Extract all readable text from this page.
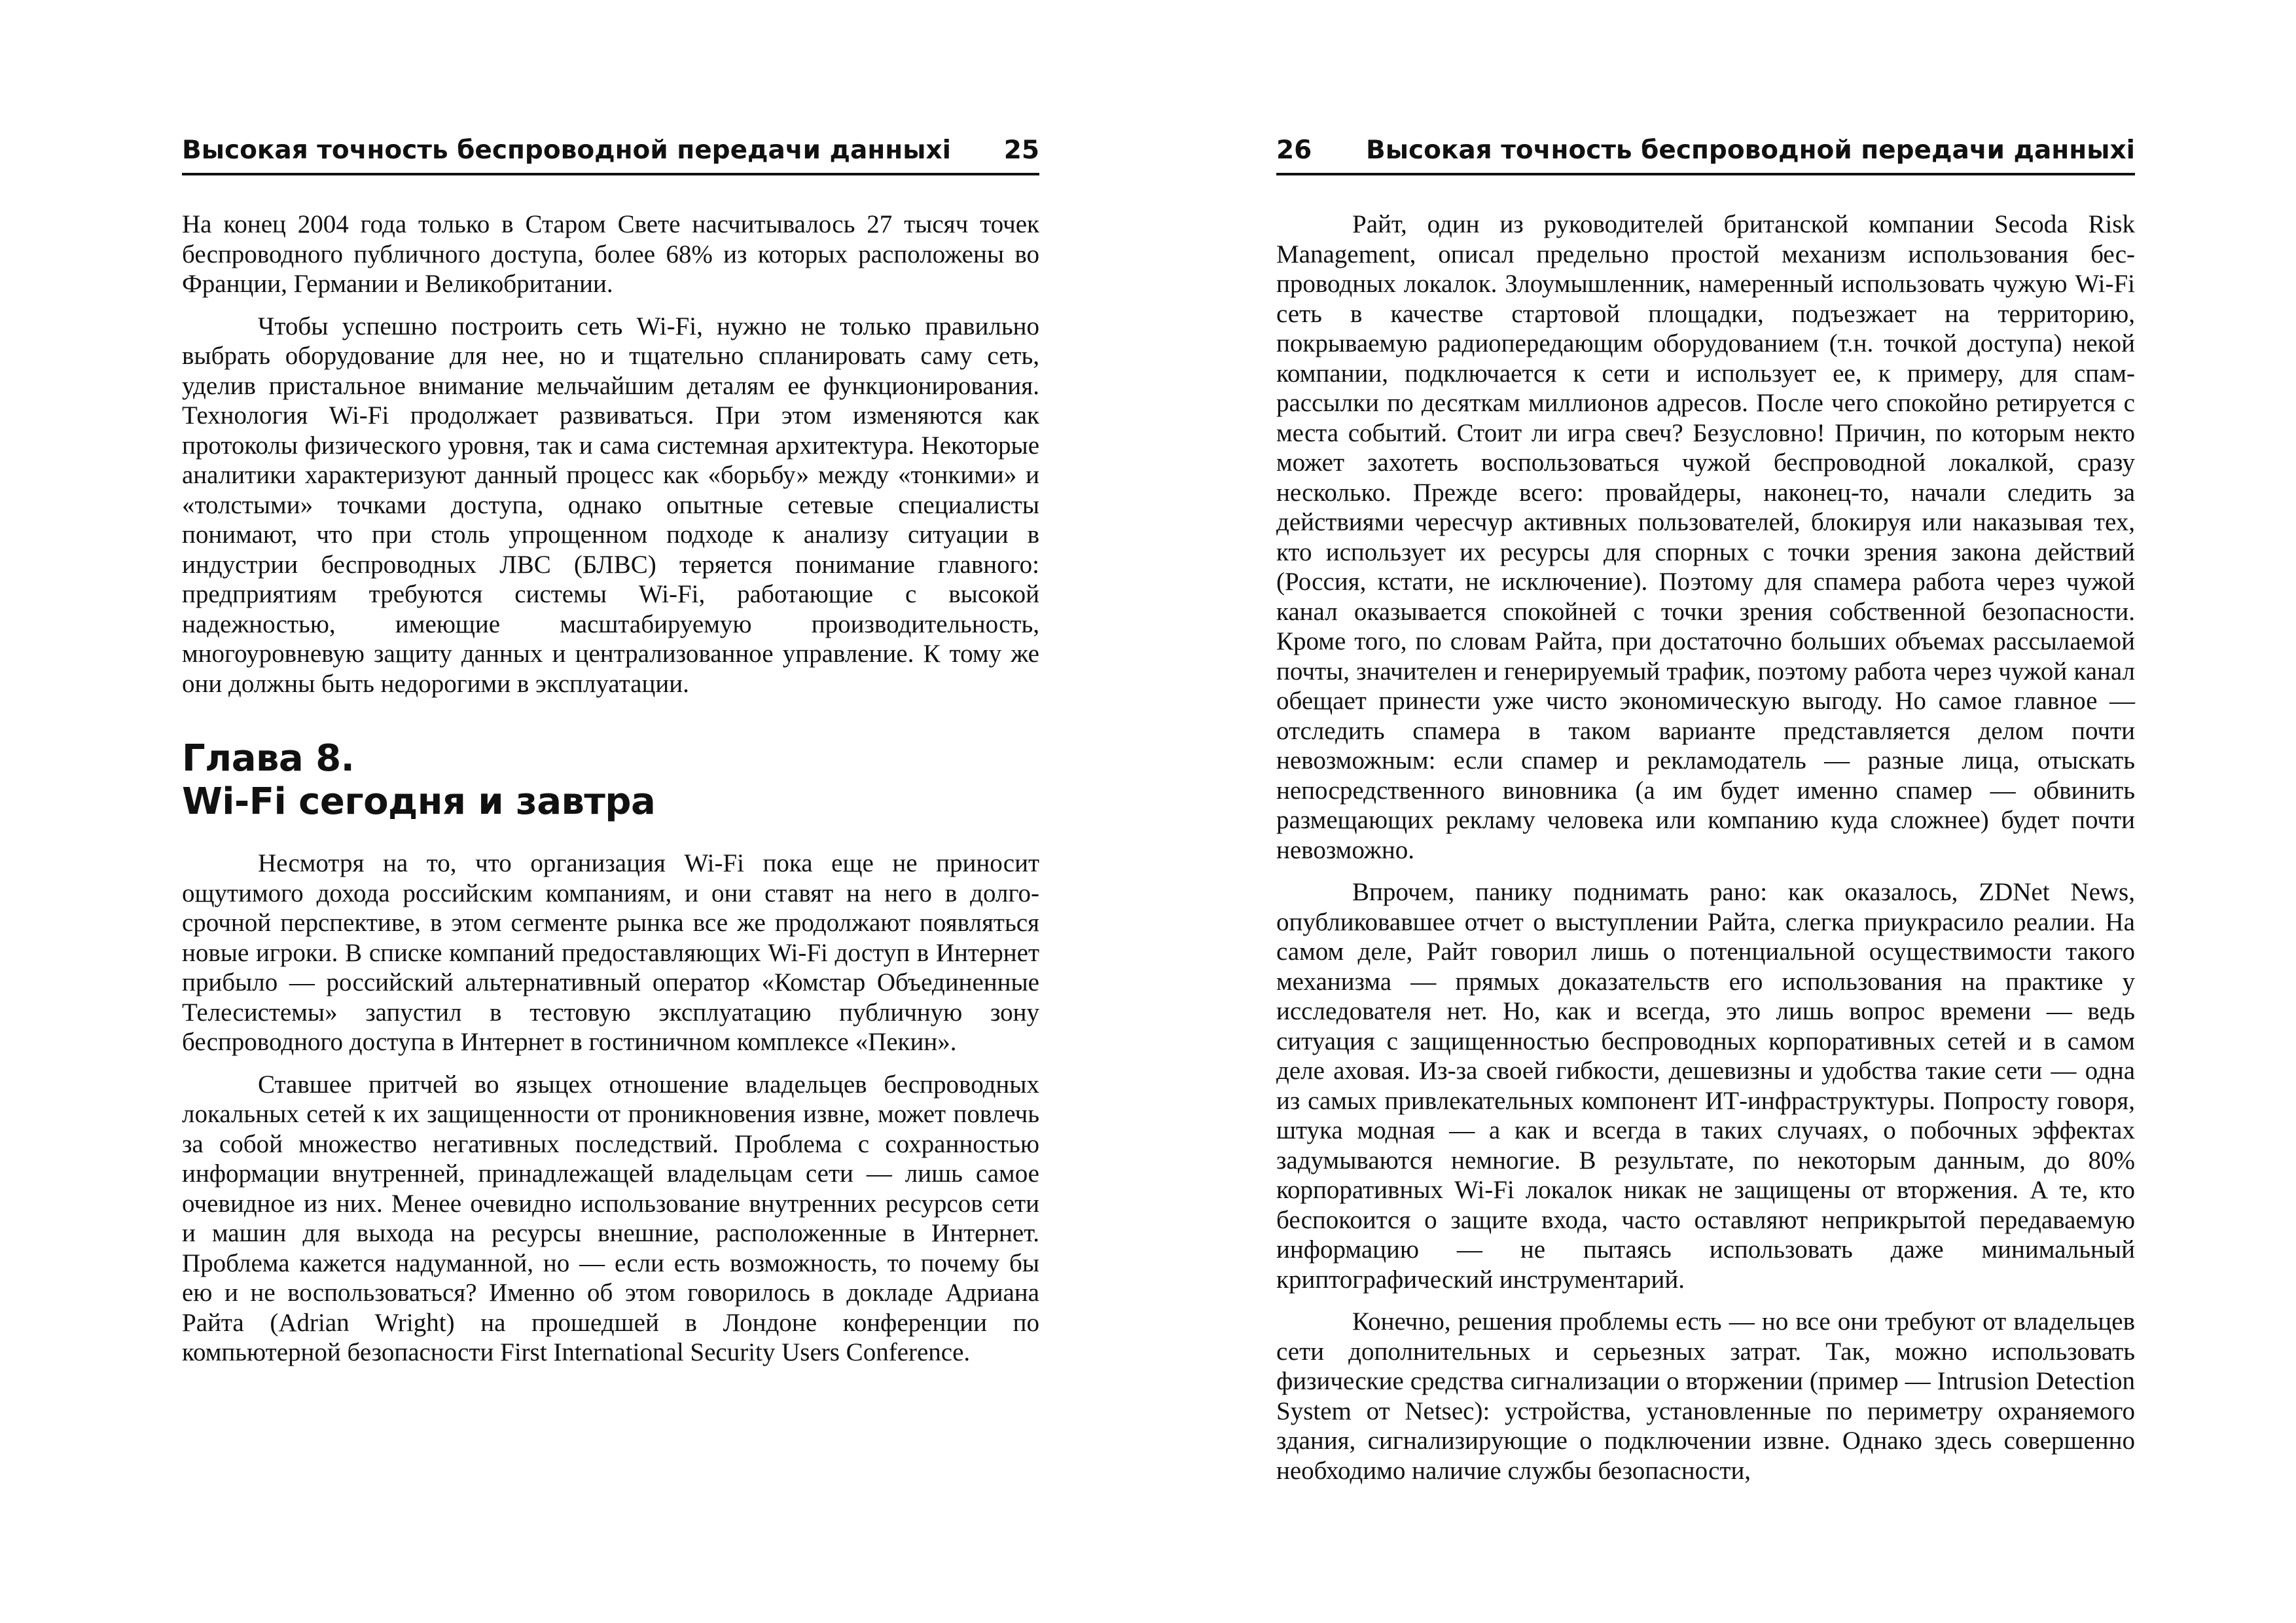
Высокая точность беспроводной передачи данныхi 25

На конец 2004 года только в Старом Свете насчитывалось 27 тысяч точек беспроводного публичного доступа, более 68% из которых расположены во Франции, Германии и Великобритании.

Чтобы успешно построить сеть Wi-Fi, нужно не только правильно выбрать оборудование для нее, но и тщательно спланировать саму сеть, уделив пристальное внимание мельчайшим деталям ее функционирования. Технология Wi-Fi продолжает развиваться. При этом изменяются как протоколы физического уровня, так и сама системная архитектура. Некоторые аналитики характеризуют данный процесс как «борьбу» между «тонкими» и «толстыми» точками доступа, однако опытные сетевые специалисты понимают, что при столь упрощенном подходе к анализу ситуации в индустрии беспроводных ЛВС (БЛВС) теряется понимание главного: предприятиям требуются системы Wi-Fi, работающие с высокой надежностью, имеющие масштабируемую производительность, многоуровневую защиту данных и централизованное управление. К тому же они должны быть недорогими в эксплуатации.

Глава 8.
Wi-Fi сегодня и завтра

Несмотря на то, что организация Wi-Fi пока еще не приносит ощутимого дохода российским компаниям, и они ставят на него в долгосрочной перспективе, в этом сегменте рынка все же продолжают появляться новые игроки. В списке компаний предоставляющих Wi-Fi доступ в Интернет прибыло — российский альтернативный оператор «Комстар Объединенные Телесистемы» запустил в тестовую эксплуатацию публичную зону беспроводного доступа в Интернет в гостиничном комплексе «Пекин».

Ставшее притчей во языцех отношение владельцев беспроводных локальных сетей к их защищенности от проникновения извне, может повлечь за собой множество негативных последствий. Проблема с сохранностью информации внутренней, принадлежащей владельцам сети — лишь самое очевидное из них. Менее очевидно использование внутренних ресурсов сети и машин для выхода на ресурсы внешние, расположенные в Интернет. Проблема кажется надуманной, но — если есть возможность, то почему бы ею и не воспользоваться? Именно об этом говорилось в докладе Адриана Райта (Adrian Wright) на прошедшей в Лондоне конференции по компьютерной безопасности First International Security Users Conference.

26 Высокая точность беспроводной передачи данныхi

Райт, один из руководителей британской компании Secoda Risk Management, описал предельно простой механизм использования беспроводных локалок. Злоумышленник, намеренный использовать чужую Wi-Fi сеть в качестве стартовой площадки, подъезжает на территорию, покрываемую радиопередающим оборудованием (т.н. точкой доступа) некой компании, подключается к сети и использует ее, к примеру, для спам-рассылки по десяткам миллионов адресов. После чего спокойно ретируется с места событий. Стоит ли игра свеч? Безусловно! Причин, по которым некто может захотеть воспользоваться чужой беспроводной локалкой, сразу несколько. Прежде всего: провайдеры, наконец-то, начали следить за действиями чересчур активных пользователей, блокируя или наказывая тех, кто использует их ресурсы для спорных с точки зрения закона действий (Россия, кстати, не исключение). Поэтому для спамера работа через чужой канал оказывается спокойней с точки зрения собственной безопасности. Кроме того, по словам Райта, при достаточно больших объемах рассылаемой почты, значителен и генерируемый трафик, поэтому работа через чужой канал обещает принести уже чисто экономическую выгоду. Но самое главное — отследить спамера в таком варианте представляется делом почти невозможным: если спамер и рекламодатель — разные лица, отыскать непосредственного виновника (а им будет именно спамер — обвинить размещающих рекламу человека или компанию куда сложнее) будет почти невозможно.

Впрочем, панику поднимать рано: как оказалось, ZDNet News, опубликовавшее отчет о выступлении Райта, слегка приукрасило реалии. На самом деле, Райт говорил лишь о потенциальной осуществимости такого механизма — прямых доказательств его использования на практике у исследователя нет. Но, как и всегда, это лишь вопрос времени — ведь ситуация с защищенностью беспроводных корпоративных сетей и в самом деле аховая. Из-за своей гибкости, дешевизны и удобства такие сети — одна из самых привлекательных компонент ИТ-инфраструктуры. Попросту говоря, штука модная — а как и всегда в таких случаях, о побочных эффектах задумываются немногие. В результате, по некоторым данным, до 80% корпоративных Wi-Fi локалок никак не защищены от вторжения. А те, кто беспокоится о защите входа, часто оставляют неприкрытой передаваемую информацию — не пытаясь использовать даже минимальный криптографический инструментарий.

Конечно, решения проблемы есть — но все они требуют от владельцев сети дополнительных и серьезных затрат. Так, можно использовать физические средства сигнализации о вторжении (пример — Intrusion Detection System от Netsec): устройства, установленные по периметру охраняемого здания, сигнализирующие о подключении извне. Однако здесь совершенно необходимо наличие службы безопасности,
